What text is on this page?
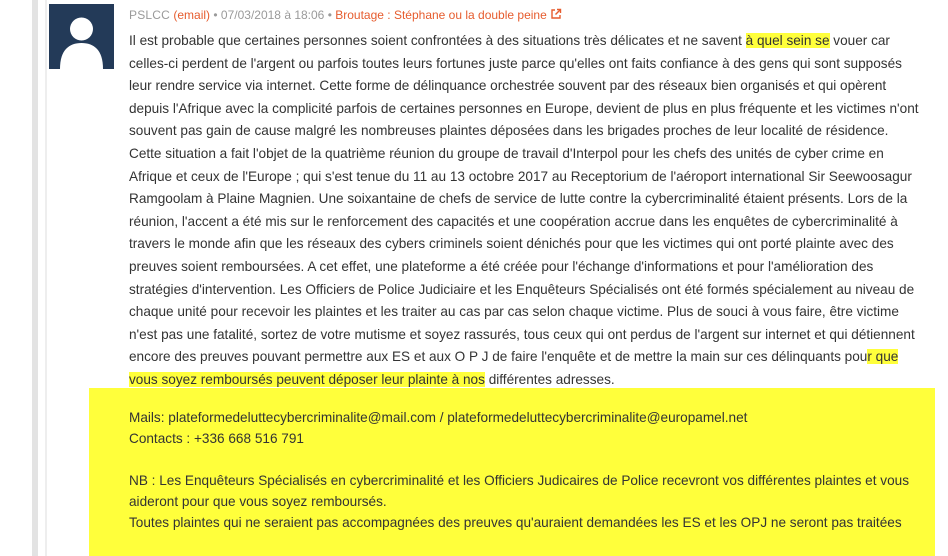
PSLCC (email) • 07/03/2018 à 18:06 • Broutage : Stéphane ou la double peine

Il est probable que certaines personnes soient confrontées à des situations très délicates et ne savent à quel sein se vouer car celles-ci perdent de l'argent ou parfois toutes leurs fortunes juste parce qu'elles ont faits confiance à des gens qui sont supposés leur rendre service via internet. Cette forme de délinquance orchestrée souvent par des réseaux bien organisés et qui opèrent depuis l'Afrique avec la complicité parfois de certaines personnes en Europe, devient de plus en plus fréquente et les victimes n'ont souvent pas gain de cause malgré les nombreuses plaintes déposées dans les brigades proches de leur localité de résidence. Cette situation a fait l'objet de la quatrième réunion du groupe de travail d'Interpol pour les chefs des unités de cyber crime en Afrique et ceux de l'Europe ; qui s'est tenue du 11 au 13 octobre 2017 au Receptorium de l'aéroport international Sir Seewoosagur Ramgoolam à Plaine Magnien. Une soixantaine de chefs de service de lutte contre la cybercriminalité étaient présents. Lors de la réunion, l'accent a été mis sur le renforcement des capacités et une coopération accrue dans les enquêtes de cybercriminalité à travers le monde afin que les réseaux des cybers criminels soient dénichés pour que les victimes qui ont porté plainte avec des preuves soient remboursées. A cet effet, une plateforme a été créée pour l'échange d'informations et pour l'amélioration des stratégies d'intervention. Les Officiers de Police Judiciaire et les Enquêteurs Spécialisés ont été formés spécialement au niveau de chaque unité pour recevoir les plaintes et les traiter au cas par cas selon chaque victime. Plus de souci à vous faire, être victime n'est pas une fatalité, sortez de votre mutisme et soyez rassurés, tous ceux qui ont perdus de l'argent sur internet et qui détiennent encore des preuves pouvant permettre aux ES et aux O P J de faire l'enquête et de mettre la main sur ces délinquants pour que vous soyez remboursés peuvent déposer leur plainte à nos différentes adresses.

Mails: plateformedeluttecybercriminalite@mail.com / plateformedeluttecybercriminalite@europamel.net

Contacts : +336 668 516 791

NB : Les Enquêteurs Spécialisés en cybercriminalité et les Officiers Judicaires de Police recevront vos différentes plaintes et vous aideront pour que vous soyez remboursés.

Toutes plaintes qui ne seraient pas accompagnées des preuves qu'auraient demandées les ES et les OPJ ne seront pas traitées
